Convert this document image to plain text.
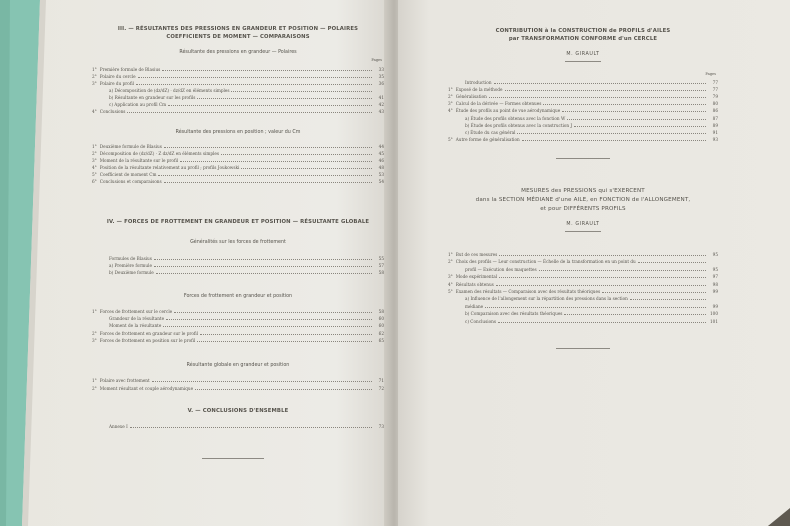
III. — RÉSULTANTES DES PRESSIONS EN GRANDEUR ET POSITION — POLAIRES
COEFFICIENTS DE MOMENT — COMPARAISONS
Résultante des pressions en grandeur — Polaires
Pages
1° Première formule de Blasius	33
2° Polaire du cercle	35
3° Polaire du profil	36
a) Décomposition de (dz/dZ) · dz/dZ en éléments simples
b) Résultante en grandeur sur les profils	41
c) Application au profil Cm	42
4° Conclusions	43
Résultante des pressions en position ; valeur du Cm
1° Deuxième formule de Blasius	44
2° Décomposition de (dz/dZ) · Z dz/dZ en éléments simples	45
3° Moment de la résultante sur le profil	46
4° Position de la résultante relativement au profil ; profils Joukowski	48
5° Coefficient de moment Cm	53
6° Conclusions et comparaisons	54
IV. — FORCES DE FROTTEMENT EN GRANDEUR ET POSITION — RÉSULTANTE GLOBALE
Généralités sur les forces de frottement
Formules de Blasius	55
a) Première formule	57
b) Deuxième formule	58
Forces de frottement en grandeur et position
1° Forces de frottement sur le cercle	58
Grandeur de la résultante	60
Moment de la résultante	60
2° Forces de frottement en grandeur sur le profil	62
3° Forces de frottement en position sur le profil	65
Résultante globale en grandeur et position
1° Polaire avec frottement	71
2° Moment résultant et couple aérodynamique	72
V. — CONCLUSIONS D'ENSEMBLE
Annexe I	73
CONTRIBUTION à la CONSTRUCTION de PROFILS d'AILES
par TRANSFORMATION CONFORME d'un CERCLE
M. GIRAULT
Pages
Introduction	77
1° Exposé de la méthode	77
2° Généralisation	79
3° Calcul de la dérivée — Formes obtenues	80
4° Étude des profils au point de vue aérodynamique	86
a) Étude des profils obtenus avec la fonction W	87
b) Étude des profils obtenus avec la construction J	89
c) Étude du cas général	91
5° Autre forme de généralisation	93
MESURES des PRESSIONS qui s'EXERCENT
dans la SECTION MÉDIANE d'une AILE, en FONCTION de l'ALLONGEMENT,
et pour DIFFÉRENTS PROFILS
M. GIRAULT
1° But de ces mesures	95
2° Choix des profils — Leur construction — Échelle de la transformation en un point du
profil — Exécution des maquettes	95
3° Mode expérimental	97
4° Résultats obtenus	98
5° Examen des résultats — Comparaison avec des résultats théoriques	99
a) Influence de l'allongement sur la répartition des pressions dans la section
médiane	99
b) Comparaison avec des résultats théoriques	100
c) Conclusions	101
